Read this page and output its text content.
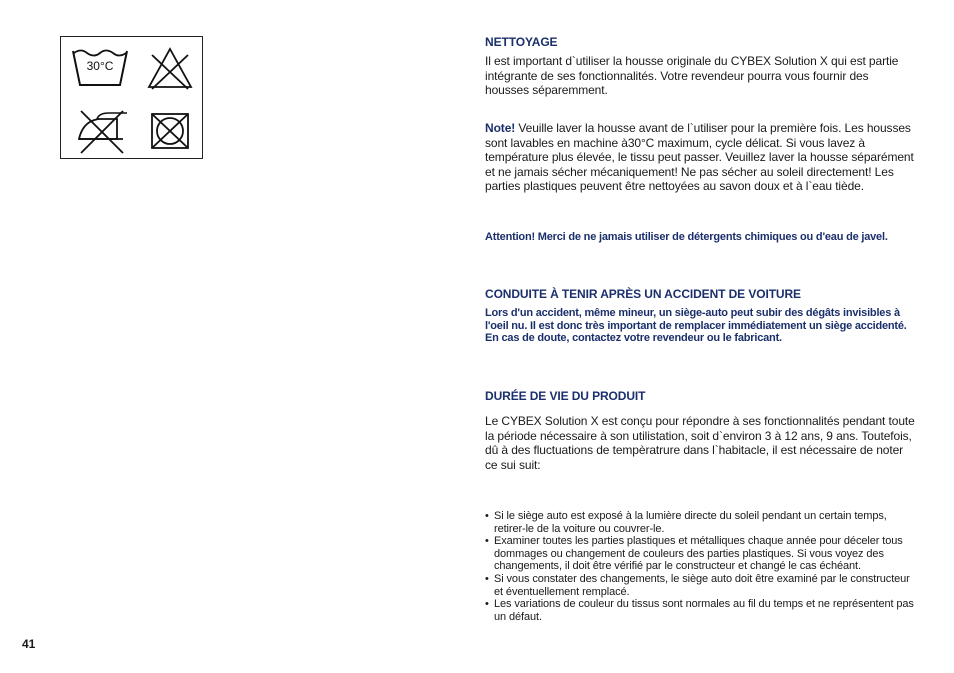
30°C

NETTOYAGE

Il est important d`utiliser la housse originale du CYBEX Solution X qui est partie intégrante de ses fonctionnalités. Votre revendeur pourra vous fournir des housses séparemment.

Note! Veuille laver la housse avant de l`utiliser pour la première fois. Les housses sont lavables en machine à30°C maximum, cycle délicat. Si vous lavez à température plus élevée, le tissu peut passer. Veuillez laver la housse séparément et ne jamais sécher mécaniquement! Ne pas sécher au soleil directement! Les parties plastiques peuvent être nettoyées au savon doux et à l`eau tiède.

Attention! Merci de ne jamais utiliser de détergents chimiques ou d'eau de javel.

CONDUITE À TENIR APRÈS UN ACCIDENT DE VOITURE

Lors d'un accident, même mineur, un siège-auto peut subir des dégâts invisibles à l'oeil nu. Il est donc très important de remplacer immédiatement un siège accidenté. En cas de doute, contactez votre revendeur ou le fabricant.

DURÉE DE VIE DU PRODUIT

Le CYBEX Solution X est conçu pour répondre à ses fonctionnalités pendant toute la période nécessaire à son utilistation, soit d`environ 3 à 12 ans, 9 ans. Toutefois, dû à des fluctuations de tempèratrure dans l`habitacle, il est nécessaire de noter ce sui suit:

• Si le siège auto est exposé à la lumière directe du soleil pendant un certain temps, retirer-le de la voiture ou couvrer-le.
• Examiner toutes les parties plastiques et métalliques chaque année pour déceler tous dommages ou changement de couleurs des parties plastiques. Si vous voyez des changements, il doit être vérifié par le constructeur et changé le cas échéant.
• Si vous constater des changements, le siège auto doit être examiné par le constructeur et éventuellement remplacé.
• Les variations de couleur du tissus sont normales au fil du temps et ne représentent pas un défaut.
41
